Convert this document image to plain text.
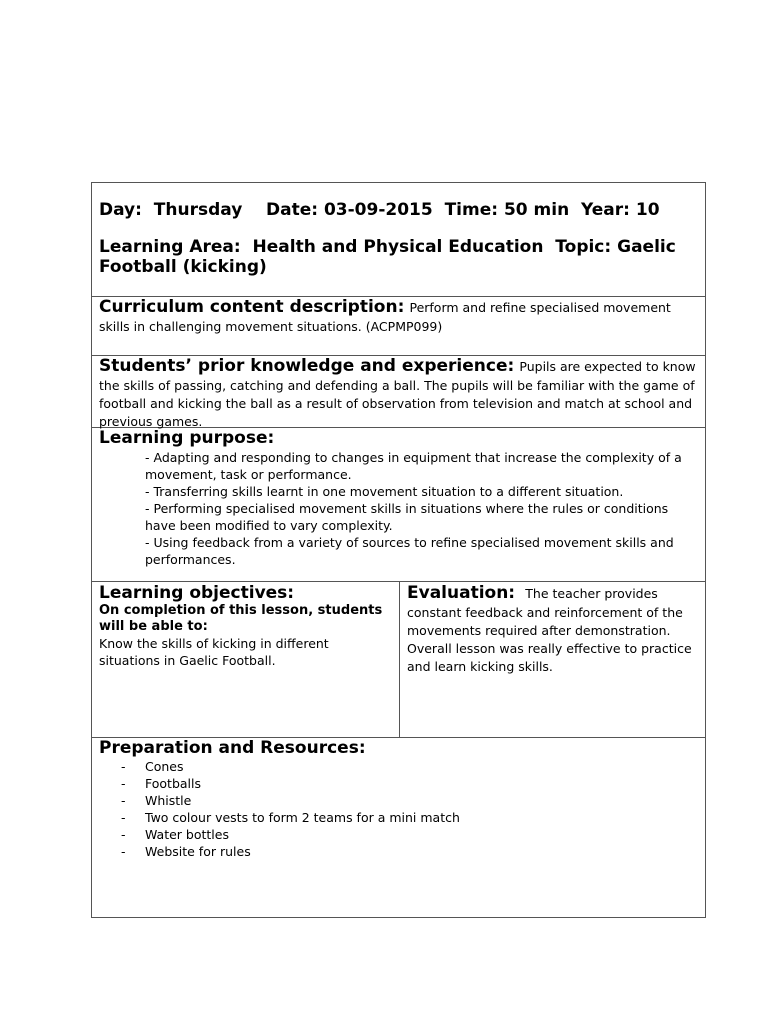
Day: Thursday Date: 03-09-2015 Time: 50 min Year: 10

Learning Area: Health and Physical Education Topic: Gaelic Football (kicking)

Curriculum content description: Perform and refine specialised movement skills in challenging movement situations. (ACPMP099)

Students’ prior knowledge and experience: Pupils are expected to know the skills of passing, catching and defending a ball. The pupils will be familiar with the game of football and kicking the ball as a result of observation from television and match at school and previous games.

Learning purpose:

- Adapting and responding to changes in equipment that increase the complexity of a movement, task or performance.
- Transferring skills learnt in one movement situation to a different situation.
- Performing specialised movement skills in situations where the rules or conditions have been modified to vary complexity.
- Using feedback from a variety of sources to refine specialised movement skills and performances.

Learning objectives:

On completion of this lesson, students will be able to:

Know the skills of kicking in different situations in Gaelic Football.

Evaluation: The teacher provides constant feedback and reinforcement of the movements required after demonstration. Overall lesson was really effective to practice and learn kicking skills.

Preparation and Resources:

- Cones
- Footballs
- Whistle
- Two colour vests to form 2 teams for a mini match
- Water bottles
- Website for rules
